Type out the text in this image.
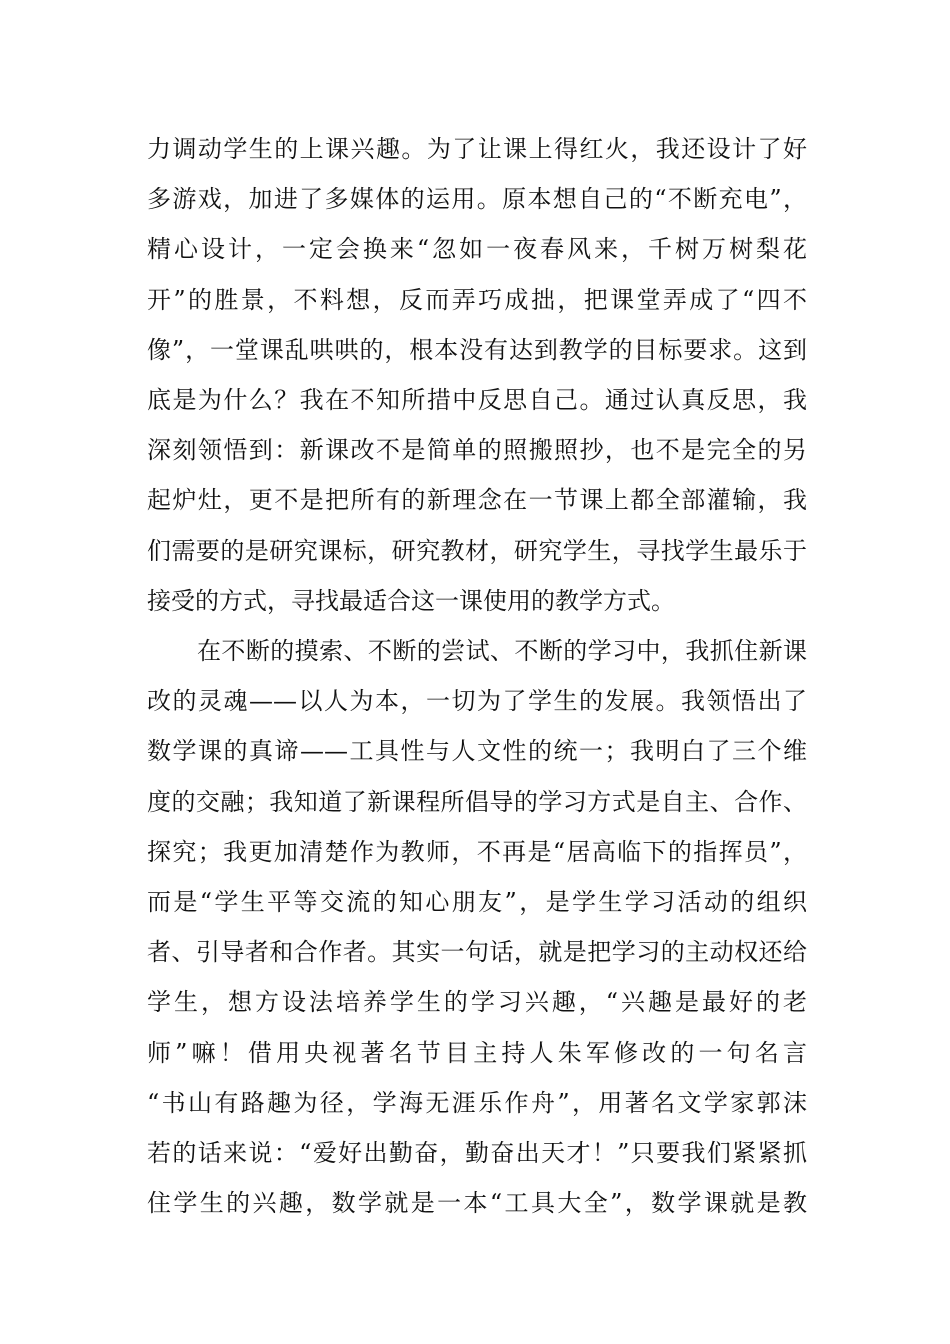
力调动学生的上课兴趣。为了让课上得红火，我还设计了好
多游戏，加进了多媒体的运用。原本想自己的“不断充电”，
精心设计，一定会换来“忽如一夜春风来，千树万树梨花
开”的胜景，不料想，反而弄巧成拙，把课堂弄成了“四不
像”，一堂课乱哄哄的，根本没有达到教学的目标要求。这到
底是为什么？我在不知所措中反思自己。通过认真反思，我
深刻领悟到：新课改不是简单的照搬照抄，也不是完全的另
起炉灶，更不是把所有的新理念在一节课上都全部灌输，我
们需要的是研究课标，研究教材，研究学生，寻找学生最乐于
接受的方式，寻找最适合这一课使用的教学方式。
在不断的摸索、不断的尝试、不断的学习中，我抓住新课
改的灵魂——以人为本，一切为了学生的发展。我领悟出了
数学课的真谛——工具性与人文性的统一；我明白了三个维
度的交融；我知道了新课程所倡导的学习方式是自主、合作、
探究；我更加清楚作为教师，不再是“居高临下的指挥员”，
而是“学生平等交流的知心朋友”，是学生学习活动的组织
者、引导者和合作者。其实一句话，就是把学习的主动权还给
学生，想方设法培养学生的学习兴趣，“兴趣是最好的老
师”嘛！借用央视著名节目主持人朱军修改的一句名言
“书山有路趣为径，学海无涯乐作舟”，用著名文学家郭沫
若的话来说：“爱好出勤奋，勤奋出天才！”只要我们紧紧抓
住学生的兴趣，数学就是一本“工具大全”，数学课就是教
